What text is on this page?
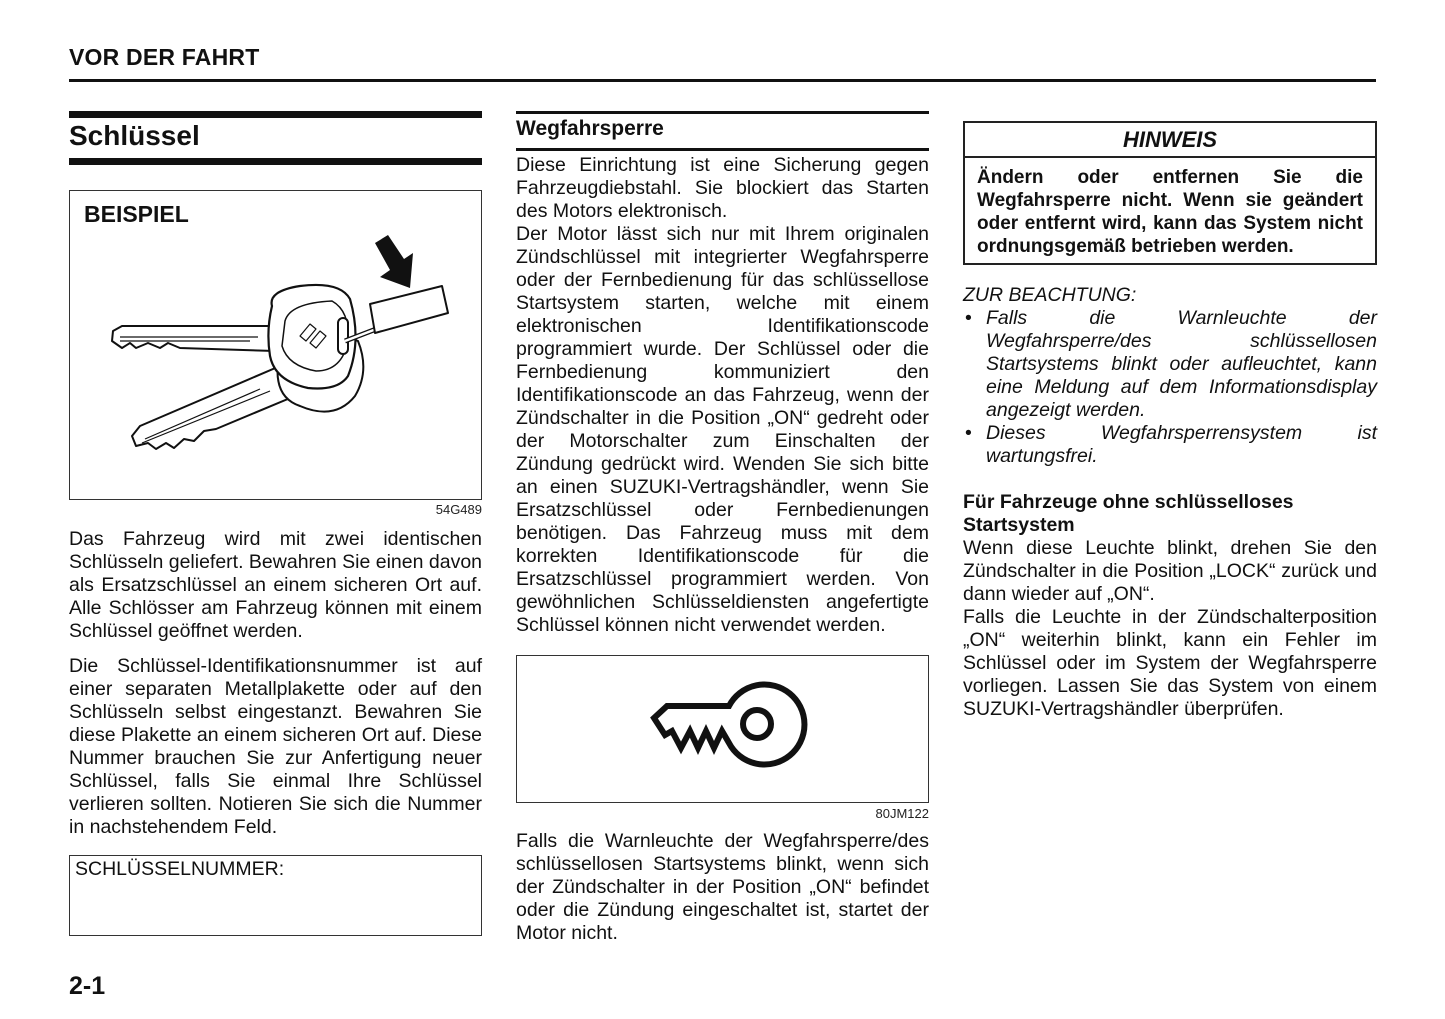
VOR DER FAHRT
Schlüssel
BEISPIEL
54G489

Das Fahrzeug wird mit zwei identischen Schlüsseln geliefert. Bewahren Sie einen davon als Ersatzschlüssel an einem sicheren Ort auf. Alle Schlösser am Fahrzeug können mit einem Schlüssel geöffnet werden.

Die Schlüssel-Identifikationsnummer ist auf einer separaten Metallplakette oder auf den Schlüsseln selbst eingestanzt. Bewahren Sie diese Plakette an einem sicheren Ort auf. Diese Nummer brauchen Sie zur Anfertigung neuer Schlüssel, falls Sie einmal Ihre Schlüssel verlieren sollten. Notieren Sie sich die Nummer in nachstehendem Feld.

SCHLÜSSELNUMMER:
Wegfahrsperre

Diese Einrichtung ist eine Sicherung gegen Fahrzeugdiebstahl. Sie blockiert das Starten des Motors elektronisch.

Der Motor lässt sich nur mit Ihrem originalen Zündschlüssel mit integrierter Wegfahrsperre oder der Fernbedienung für das schlüssellose Startsystem starten, welche mit einem elektronischen Identifikationscode programmiert wurde. Der Schlüssel oder die Fernbedienung kommuniziert den Identifikationscode an das Fahrzeug, wenn der Zündschalter in die Position „ON“ gedreht oder der Motorschalter zum Einschalten der Zündung gedrückt wird. Wenden Sie sich bitte an einen SUZUKI-Vertragshändler, wenn Sie Ersatzschlüssel oder Fernbedienungen benötigen. Das Fahrzeug muss mit dem korrekten Identifikationscode für die Ersatzschlüssel programmiert werden. Von gewöhnlichen Schlüsseldiensten angefertigte Schlüssel können nicht verwendet werden.

80JM122

Falls die Warnleuchte der Wegfahrsperre/des schlüssellosen Startsystems blinkt, wenn sich der Zündschalter in der Position „ON“ befindet oder die Zündung eingeschaltet ist, startet der Motor nicht.

HINWEIS
Ändern oder entfernen Sie die Wegfahrsperre nicht. Wenn sie geändert oder entfernt wird, kann das System nicht ordnungsgemäß betrieben werden.
ZUR BEACHTUNG:
• Falls die Warnleuchte der Wegfahrsperre/des schlüssellosen Startsystems blinkt oder aufleuchtet, kann eine Meldung auf dem Informationsdisplay angezeigt werden.
• Dieses Wegfahrsperrensystem ist wartungsfrei.
Für Fahrzeuge ohne schlüsselloses Startsystem

Wenn diese Leuchte blinkt, drehen Sie den Zündschalter in die Position „LOCK“ zurück und dann wieder auf „ON“.

Falls die Leuchte in der Zündschalterposition „ON“ weiterhin blinkt, kann ein Fehler im Schlüssel oder im System der Wegfahrsperre vorliegen. Lassen Sie das System von einem SUZUKI-Vertragshändler überprüfen.

2-1
